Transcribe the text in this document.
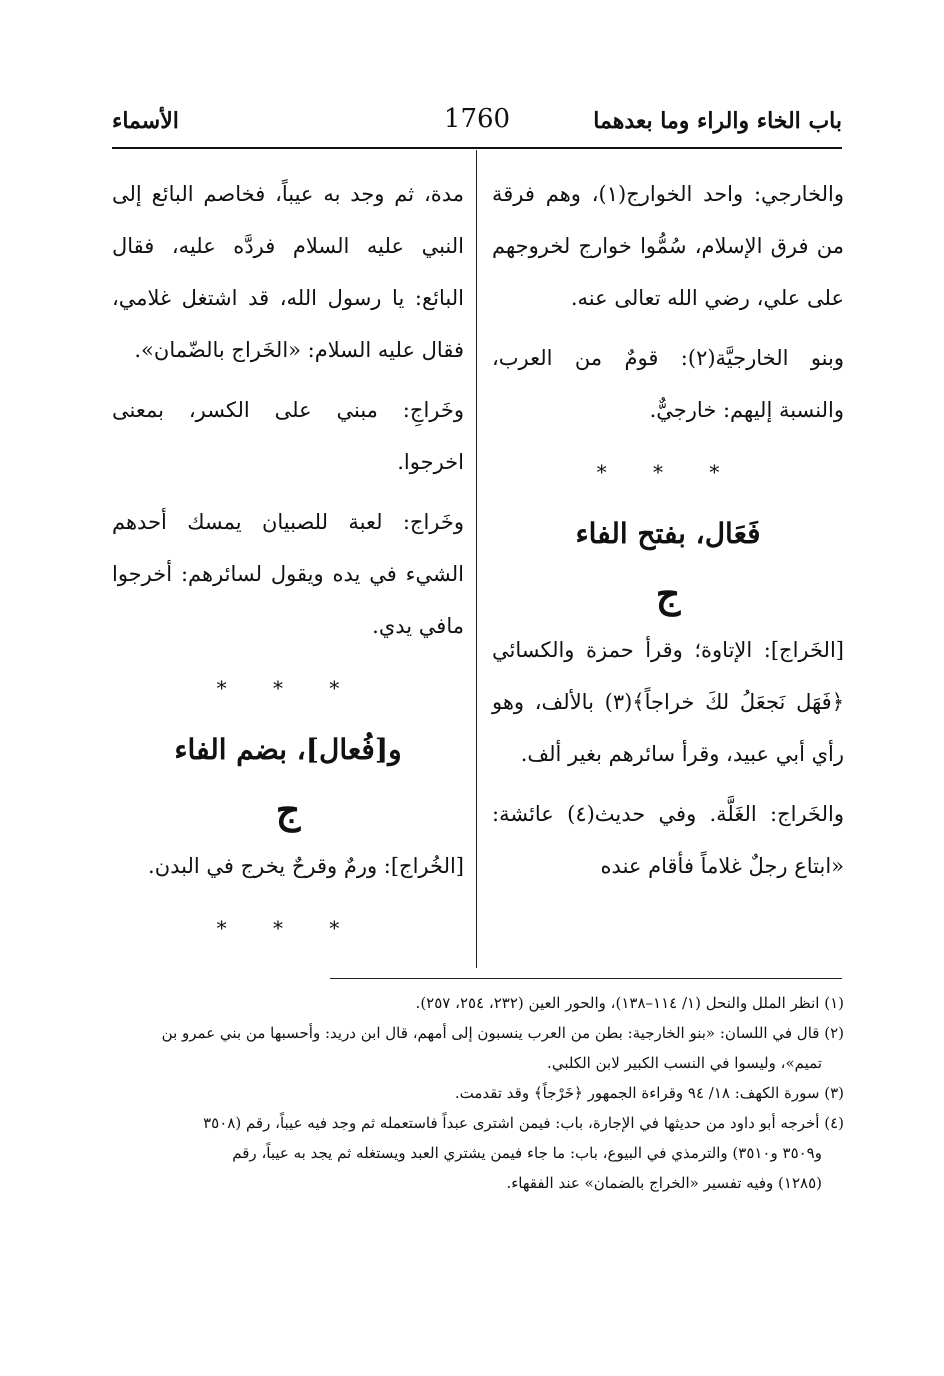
باب الخاء والراء وما بعدهما
1760
الأسماء

والخارجي: واحد الخوارج(١)، وهم فرقة من فرق الإسلام، سُمُّوا خوارج لخروجهم على علي، رضي الله تعالى عنه.

وبنو الخارجيَّة(٢): قومٌ من العرب، والنسبة إليهم: خارجيٌّ.

* * *

فَعَال، بفتح الفاء

ج

[الخَراج]: الإتاوة؛ وقرأ حمزة والكسائي ﴿فَهَل نَجعَلُ لكَ خراجاً﴾(٣) بالألف، وهو رأي أبي عبيد، وقرأ سائرهم بغير ألف.

والخَراج: الغَلَّة. وفي حديث(٤) عائشة: «ابتاع رجلٌ غلاماً فأقام عنده

مدة، ثم وجد به عيباً، فخاصم البائع إلى النبي عليه السلام فردَّه عليه، فقال البائع: يا رسول الله، قد اشتغل غلامي، فقال عليه السلام: «الخَراج بالضّمان».

وخَراجِ: مبني على الكسر، بمعنى اخرجوا.

وخَراج: لعبة للصبيان يمسك أحدهم الشيء في يده ويقول لسائرهم: أخرجوا مافي يدي.

* * *

و[فُعال]، بضم الفاء

ج

[الخُراج]: ورمٌ وقرحٌ يخرج في البدن.

* * *

(١) انظر الملل والنحل (١/ ١١٤–١٣٨)، والحور العين (٢٣٢، ٢٥٤، ٢٥٧).

(٢) قال في اللسان: «بنو الخارجية: بطن من العرب ينسبون إلى أمهم، قال ابن دريد: وأحسبها من بني عمرو بن

تميم»، وليسوا في النسب الكبير لابن الكلبي.

(٣) سورة الكهف: ١٨/ ٩٤ وقراءة الجمهور ﴿خَرْجاً﴾ وقد تقدمت.

(٤) أخرجه أبو داود من حديثها في الإجارة، باب: فيمن اشترى عبداً فاستعمله ثم وجد فيه عيباً، رقم (٣٥٠٨

و٣٥٠٩ و٣٥١٠) والترمذي في البيوع، باب: ما جاء فيمن يشتري العبد ويستغله ثم يجد به عيباً، رقم

(١٢٨٥) وفيه تفسير «الخراج بالضمان» عند الفقهاء.
